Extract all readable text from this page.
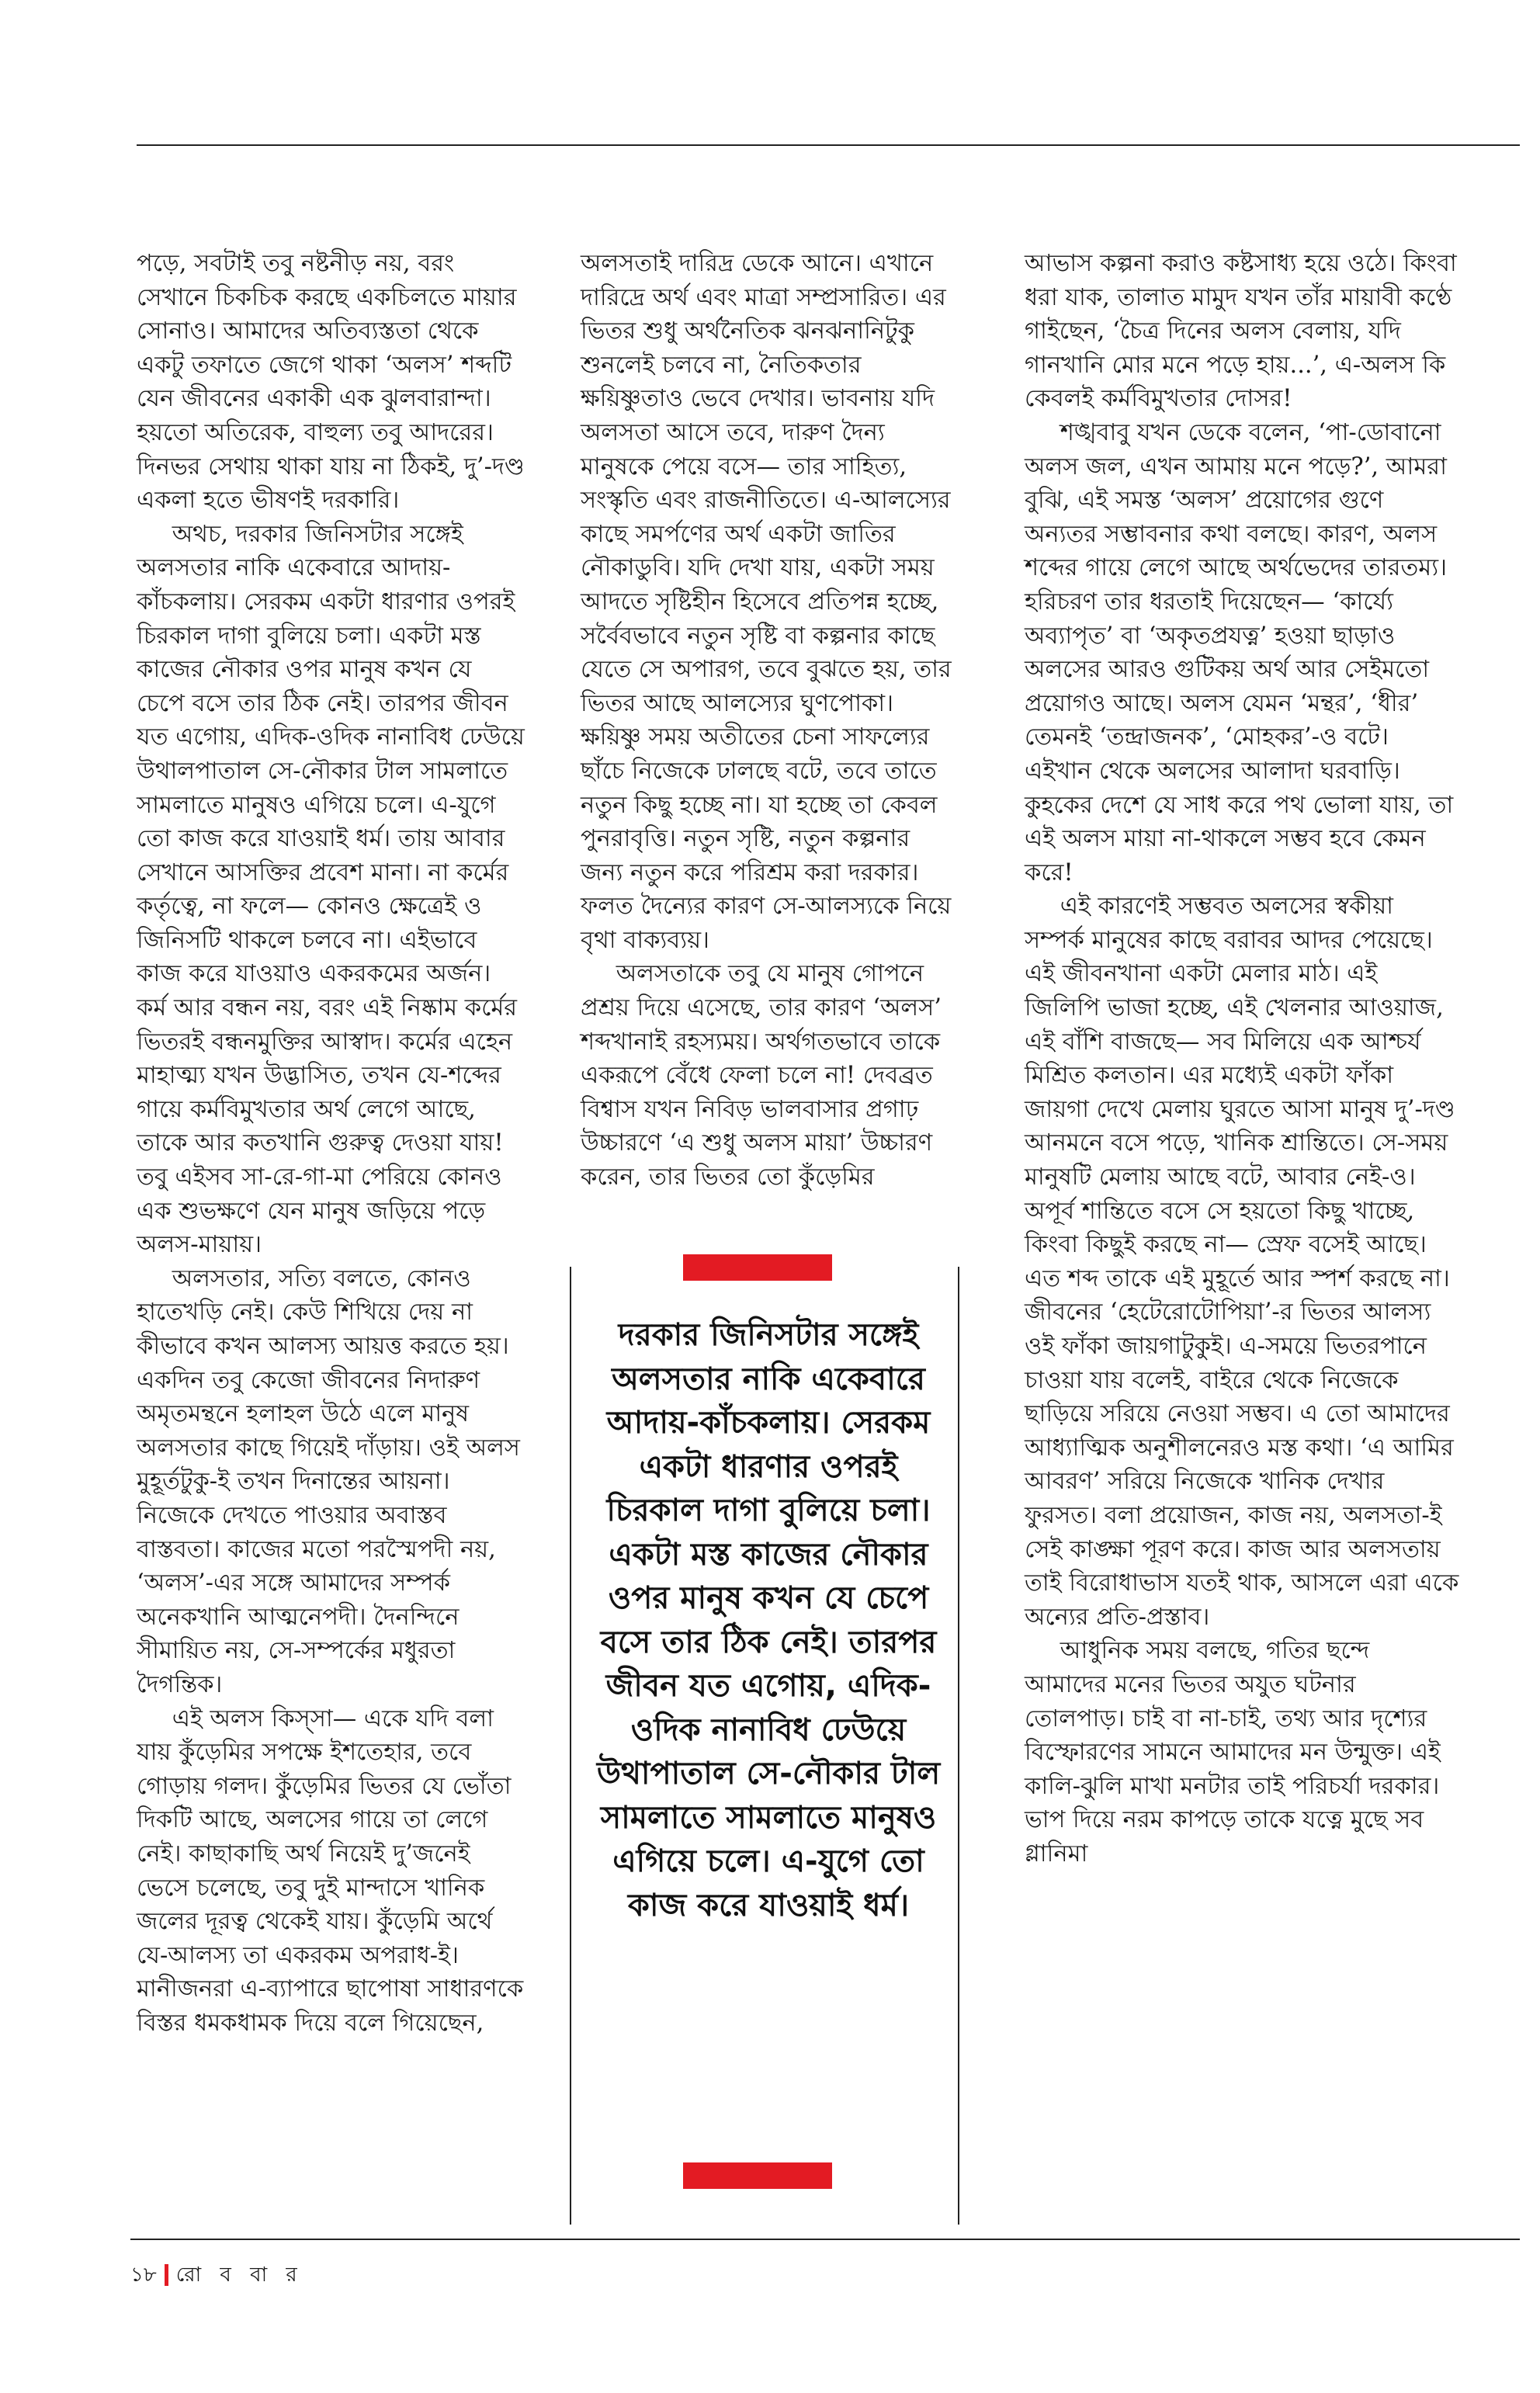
পড়ে, সবটাই তবু নষ্টনীড় নয়, বরং সেখানে চিকচিক করছে একচিলতে মায়ার সোনাও। আমাদের অতিব্যস্ততা থেকে একটু তফাতে জেগে থাকা ‘অলস’ শব্দটি যেন জীবনের একাকী এক ঝুলবারান্দা। হয়তো অতিরেক, বাহুল্য তবু আদরের। দিনভর সেথায় থাকা যায় না ঠিকই, দু’-দণ্ড একলা হতে ভীষণই দরকারি।

অথচ, দরকার জিনিসটার সঙ্গেই অলসতার নাকি একেবারে আদায়-কাঁচকলায়। সেরকম একটা ধারণার ওপরই চিরকাল দাগা বুলিয়ে চলা। একটা মস্ত কাজের নৌকার ওপর মানুষ কখন যে চেপে বসে তার ঠিক নেই। তারপর জীবন যত এগোয়, এদিক-ওদিক নানাবিধ ঢেউয়ে উথালপাতাল সে-নৌকার টাল সামলাতে সামলাতে মানুষও এগিয়ে চলে। এ-যুগে তো কাজ করে যাওয়াই ধর্ম। তায় আবার সেখানে আসক্তির প্রবেশ মানা। না কর্মের কর্তৃত্বে, না ফলে— কোনও ক্ষেত্রেই ও জিনিসটি থাকলে চলবে না। এইভাবে কাজ করে যাওয়াও একরকমের অর্জন। কর্ম আর বন্ধন নয়, বরং এই নিষ্কাম কর্মের ভিতরই বন্ধনমুক্তির আস্বাদ। কর্মের এহেন মাহাত্ম্য যখন উদ্ভাসিত, তখন যে-শব্দের গায়ে কর্মবিমুখতার অর্থ লেগে আছে, তাকে আর কতখানি গুরুত্ব দেওয়া যায়! তবু এইসব সা-রে-গা-মা পেরিয়ে কোনও এক শুভক্ষণে যেন মানুষ জড়িয়ে পড়ে অলস-মায়ায়।

অলসতার, সত্যি বলতে, কোনও হাতেখড়ি নেই। কেউ শিখিয়ে দেয় না কীভাবে কখন আলস্য আয়ত্ত করতে হয়। একদিন তবু কেজো জীবনের নিদারুণ অমৃতমন্থনে হলাহল উঠে এলে মানুষ অলসতার কাছে গিয়েই দাঁড়ায়। ওই অলস মুহূর্তটুকু-ই তখন দিনান্তের আয়না। নিজেকে দেখতে পাওয়ার অবাস্তব বাস্তবতা। কাজের মতো পরস্মৈপদী নয়, ‘অলস’-এর সঙ্গে আমাদের সম্পর্ক অনেকখানি আত্মনেপদী। দৈনন্দিনে সীমায়িত নয়, সে-সম্পর্কের মধুরতা দৈগন্তিক।

এই অলস কিস্‌সা— একে যদি বলা যায় কুঁড়েমির সপক্ষে ইশতেহার, তবে গোড়ায় গলদ। কুঁড়েমির ভিতর যে ভোঁতা দিকটি আছে, অলসের গায়ে তা লেগে নেই। কাছাকাছি অর্থ নিয়েই দু’জনেই ভেসে চলেছে, তবু দুই মান্দাসে খানিক জলের দূরত্ব থেকেই যায়। কুঁড়েমি অর্থে যে-আলস্য তা একরকম অপরাধ-ই। মানীজনরা এ-ব্যাপারে ছাপোষা সাধারণকে বিস্তর ধমকধামক দিয়ে বলে গিয়েছেন,

অলসতাই দারিদ্র ডেকে আনে। এখানে দারিদ্রে অর্থ এবং মাত্রা সম্প্রসারিত। এর ভিতর শুধু অর্থনৈতিক ঝনঝনানিটুকু শুনলেই চলবে না, নৈতিকতার ক্ষয়িষ্ণুতাও ভেবে দেখার। ভাবনায় যদি অলসতা আসে তবে, দারুণ দৈন্য মানুষকে পেয়ে বসে— তার সাহিত্য, সংস্কৃতি এবং রাজনীতিতে। এ-আলস্যের কাছে সমর্পণের অর্থ একটা জাতির নৌকাডুবি। যদি দেখা যায়, একটা সময় আদতে সৃষ্টিহীন হিসেবে প্রতিপন্ন হচ্ছে, সর্বৈবভাবে নতুন সৃষ্টি বা কল্পনার কাছে যেতে সে অপারগ, তবে বুঝতে হয়, তার ভিতর আছে আলস্যের ঘুণপোকা। ক্ষয়িষ্ণু সময় অতীতের চেনা সাফল্যের ছাঁচে নিজেকে ঢালছে বটে, তবে তাতে নতুন কিছু হচ্ছে না। যা হচ্ছে তা কেবল পুনরাবৃত্তি। নতুন সৃষ্টি, নতুন কল্পনার জন্য নতুন করে পরিশ্রম করা দরকার। ফলত দৈন্যের কারণ সে-আলস্যকে নিয়ে বৃথা বাক্যব্যয়।

অলসতাকে তবু যে মানুষ গোপনে প্রশ্রয় দিয়ে এসেছে, তার কারণ ‘অলস’ শব্দখানাই রহস্যময়। অর্থগতভাবে তাকে একরূপে বেঁধে ফেলা চলে না! দেবব্রত বিশ্বাস যখন নিবিড় ভালবাসার প্রগাঢ় উচ্চারণে ‘এ শুধু অলস মায়া’ উচ্চারণ করেন, তার ভিতর তো কুঁড়েমির

আভাস কল্পনা করাও কষ্টসাধ্য হয়ে ওঠে। কিংবা ধরা যাক, তালাত মামুদ যখন তাঁর মায়াবী কণ্ঠে গাইছেন, ‘চৈত্র দিনের অলস বেলায়, যদি গানখানি মোর মনে পড়ে হায়...’, এ-অলস কি কেবলই কর্মবিমুখতার দোসর!

শঙ্খবাবু যখন ডেকে বলেন, ‘পা-ডোবানো অলস জল, এখন আমায় মনে পড়ে?’, আমরা বুঝি, এই সমস্ত ‘অলস’ প্রয়োগের গুণে অন্যতর সম্ভাবনার কথা বলছে। কারণ, অলস শব্দের গায়ে লেগে আছে অর্থভেদের তারতম্য। হরিচরণ তার ধরতাই দিয়েছেন— ‘কার্য্যে অব্যাপৃত’ বা ‘অকৃতপ্রযত্ন’ হওয়া ছাড়াও অলসের আরও গুটিকয় অর্থ আর সেইমতো প্রয়োগও আছে। অলস যেমন ‘মন্থর’, ‘ধীর’ তেমনই ‘তন্দ্রাজনক’, ‘মোহকর’-ও বটে। এইখান থেকে অলসের আলাদা ঘরবাড়ি। কুহকের দেশে যে সাধ করে পথ ভোলা যায়, তা এই অলস মায়া না-থাকলে সম্ভব হবে কেমন করে!

এই কারণেই সম্ভবত অলসের স্বকীয়া সম্পর্ক মানুষের কাছে বরাবর আদর পেয়েছে। এই জীবনখানা একটা মেলার মাঠ। এই জিলিপি ভাজা হচ্ছে, এই খেলনার আওয়াজ, এই বাঁশি বাজছে— সব মিলিয়ে এক আশ্চর্য মিশ্রিত কলতান। এর মধ্যেই একটা ফাঁকা জায়গা দেখে মেলায় ঘুরতে আসা মানুষ দু’-দণ্ড আনমনে বসে পড়ে, খানিক শ্রান্তিতে। সে-সময় মানুষটি মেলায় আছে বটে, আবার নেই-ও। অপূর্ব শান্তিতে বসে সে হয়তো কিছু খাচ্ছে, কিংবা কিছুই করছে না— স্রেফ বসেই আছে। এত শব্দ তাকে এই মুহূর্তে আর স্পর্শ করছে না। জীবনের ‘হেটেরোটোপিয়া’-র ভিতর আলস্য ওই ফাঁকা জায়গাটুকুই। এ-সময়ে ভিতরপানে চাওয়া যায় বলেই, বাইরে থেকে নিজেকে ছাড়িয়ে সরিয়ে নেওয়া সম্ভব। এ তো আমাদের আধ্যাত্মিক অনুশীলনেরও মস্ত কথা। ‘এ আমির আবরণ’ সরিয়ে নিজেকে খানিক দেখার ফুরসত। বলা প্রয়োজন, কাজ নয়, অলসতা-ই সেই কাঙ্ক্ষা পূরণ করে। কাজ আর অলসতায় তাই বিরোধাভাস যতই থাক, আসলে এরা একে অন্যের প্রতি-প্রস্তাব।

আধুনিক সময় বলছে, গতির ছন্দে আমাদের মনের ভিতর অযুত ঘটনার তোলপাড়। চাই বা না-চাই, তথ্য আর দৃশ্যের বিস্ফোরণের সামনে আমাদের মন উন্মুক্ত। এই কালি-ঝুলি মাখা মনটার তাই পরিচর্যা দরকার। ভাপ দিয়ে নরম কাপড়ে তাকে যত্নে মুছে সব গ্লানিমা

দরকার জিনিসটার সঙ্গেই অলসতার নাকি একেবারে আদায়-কাঁচকলায়। সেরকম একটা ধারণার ওপরই চিরকাল দাগা বুলিয়ে চলা। একটা মস্ত কাজের নৌকার ওপর মানুষ কখন যে চেপে বসে তার ঠিক নেই। তারপর জীবন যত এগোয়, এদিক-ওদিক নানাবিধ ঢেউয়ে উথাপাতাল সে-নৌকার টাল সামলাতে সামলাতে মানুষও এগিয়ে চলে। এ-যুগে তো কাজ করে যাওয়াই ধর্ম।
১৮ রো ব বা র
